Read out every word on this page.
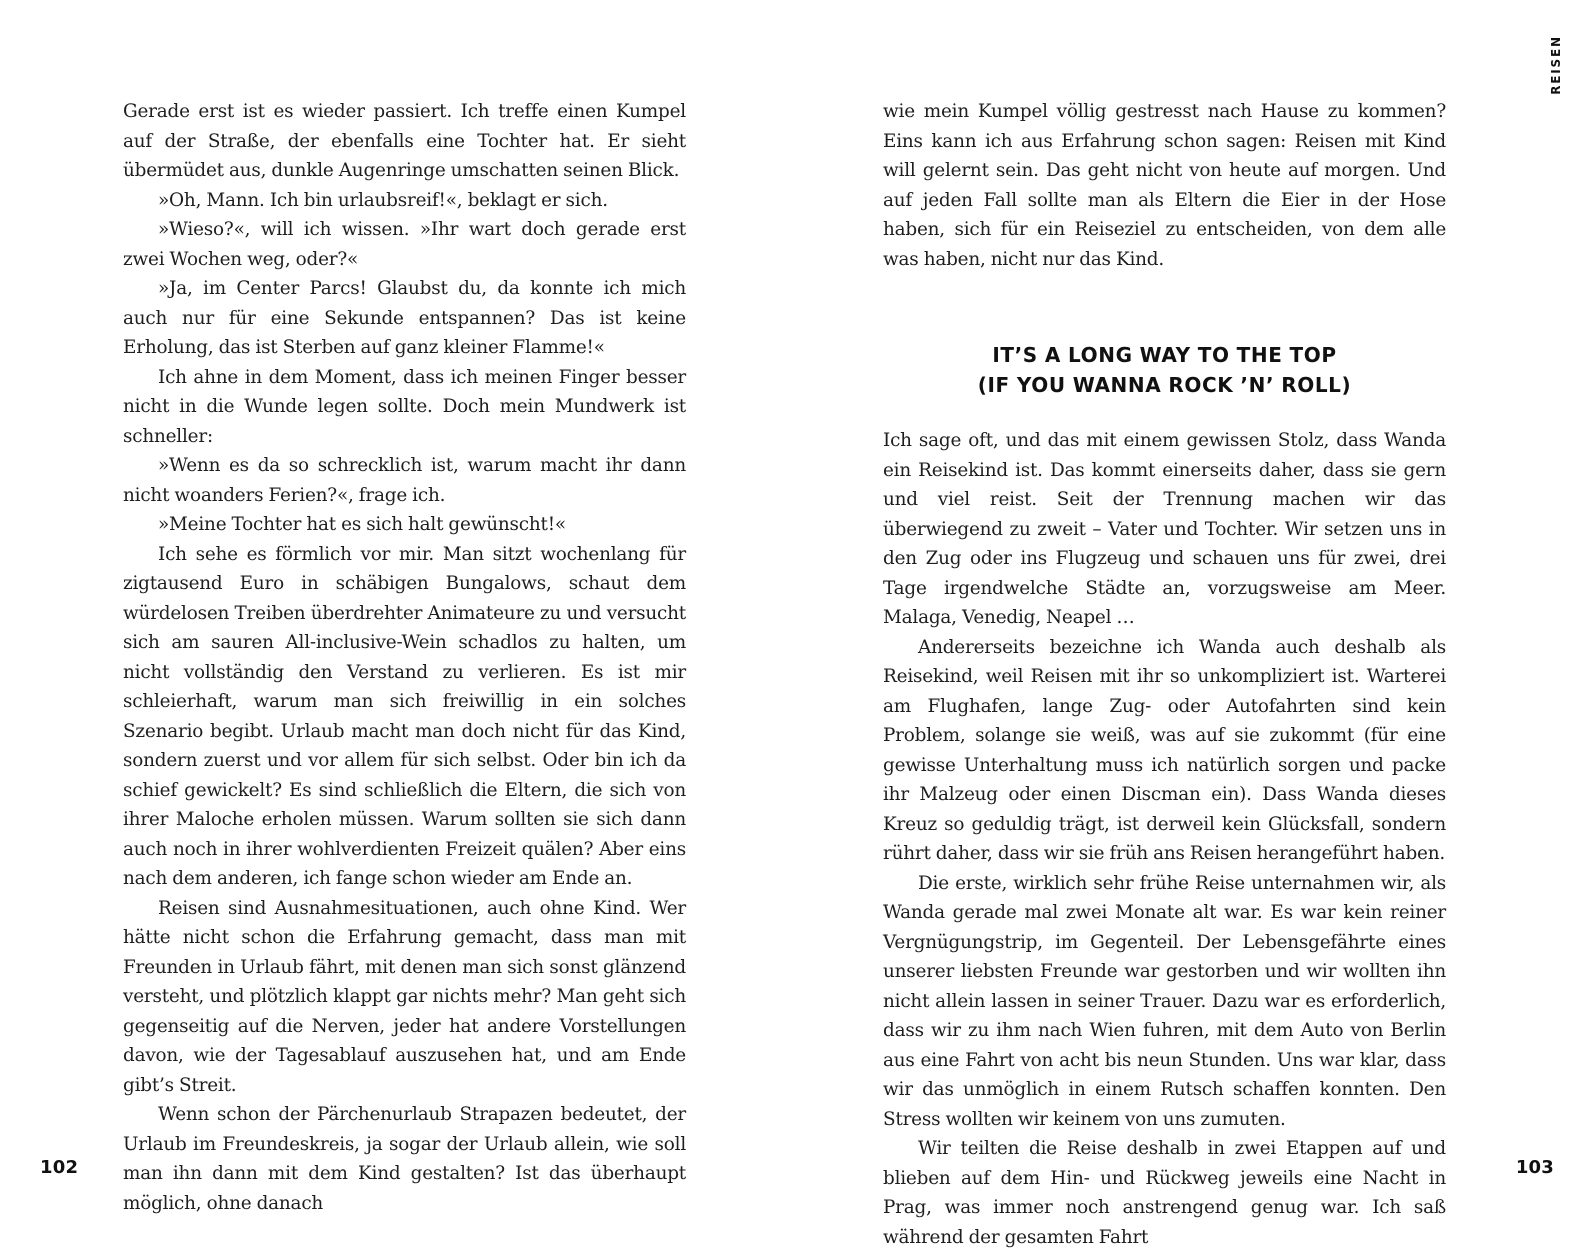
Gerade erst ist es wieder passiert. Ich treffe einen Kumpel auf der Straße, der ebenfalls eine Tochter hat. Er sieht übermüdet aus, dunkle Augenringe umschatten seinen Blick.

»Oh, Mann. Ich bin urlaubsreif!«, beklagt er sich.

»Wieso?«, will ich wissen. »Ihr wart doch gerade erst zwei Wochen weg, oder?«

»Ja, im Center Parcs! Glaubst du, da konnte ich mich auch nur für eine Sekunde entspannen? Das ist keine Erholung, das ist Sterben auf ganz kleiner Flamme!«

Ich ahne in dem Moment, dass ich meinen Finger besser nicht in die Wunde legen sollte. Doch mein Mundwerk ist schneller:

»Wenn es da so schrecklich ist, warum macht ihr dann nicht woanders Ferien?«, frage ich.

»Meine Tochter hat es sich halt gewünscht!«

Ich sehe es förmlich vor mir. Man sitzt wochenlang für zigtausend Euro in schäbigen Bungalows, schaut dem würdelosen Treiben überdrehter Animateure zu und versucht sich am sauren All-inclusive-Wein schadlos zu halten, um nicht vollständig den Verstand zu verlieren. Es ist mir schleierhaft, warum man sich freiwillig in ein solches Szenario begibt. Urlaub macht man doch nicht für das Kind, sondern zuerst und vor allem für sich selbst. Oder bin ich da schief gewickelt? Es sind schließlich die Eltern, die sich von ihrer Maloche erholen müssen. Warum sollten sie sich dann auch noch in ihrer wohlverdienten Freizeit quälen? Aber eins nach dem anderen, ich fange schon wieder am Ende an.

Reisen sind Ausnahmesituationen, auch ohne Kind. Wer hätte nicht schon die Erfahrung gemacht, dass man mit Freunden in Urlaub fährt, mit denen man sich sonst glänzend versteht, und plötzlich klappt gar nichts mehr? Man geht sich gegenseitig auf die Nerven, jeder hat andere Vorstellungen davon, wie der Tagesablauf auszusehen hat, und am Ende gibt’s Streit.

Wenn schon der Pärchenurlaub Strapazen bedeutet, der Urlaub im Freundeskreis, ja sogar der Urlaub allein, wie soll man ihn dann mit dem Kind gestalten? Ist das überhaupt möglich, ohne danach

102
REISEN

wie mein Kumpel völlig gestresst nach Hause zu kommen? Eins kann ich aus Erfahrung schon sagen: Reisen mit Kind will gelernt sein. Das geht nicht von heute auf morgen. Und auf jeden Fall sollte man als Eltern die Eier in der Hose haben, sich für ein Reiseziel zu entscheiden, von dem alle was haben, nicht nur das Kind.

IT’S A LONG WAY TO THE TOP
(IF YOU WANNA ROCK ’N’ ROLL)

Ich sage oft, und das mit einem gewissen Stolz, dass Wanda ein Reisekind ist. Das kommt einerseits daher, dass sie gern und viel reist. Seit der Trennung machen wir das überwiegend zu zweit – Vater und Tochter. Wir setzen uns in den Zug oder ins Flugzeug und schauen uns für zwei, drei Tage irgendwelche Städte an, vorzugsweise am Meer. Malaga, Venedig, Neapel …

Andererseits bezeichne ich Wanda auch deshalb als Reisekind, weil Reisen mit ihr so unkompliziert ist. Warterei am Flughafen, lange Zug- oder Autofahrten sind kein Problem, solange sie weiß, was auf sie zukommt (für eine gewisse Unterhaltung muss ich natürlich sorgen und packe ihr Malzeug oder einen Discman ein). Dass Wanda dieses Kreuz so geduldig trägt, ist derweil kein Glücksfall, sondern rührt daher, dass wir sie früh ans Reisen herangeführt haben.

Die erste, wirklich sehr frühe Reise unternahmen wir, als Wanda gerade mal zwei Monate alt war. Es war kein reiner Vergnügungstrip, im Gegenteil. Der Lebensgefährte eines unserer liebsten Freunde war gestorben und wir wollten ihn nicht allein lassen in seiner Trauer. Dazu war es erforderlich, dass wir zu ihm nach Wien fuhren, mit dem Auto von Berlin aus eine Fahrt von acht bis neun Stunden. Uns war klar, dass wir das unmöglich in einem Rutsch schaffen konnten. Den Stress wollten wir keinem von uns zumuten.

Wir teilten die Reise deshalb in zwei Etappen auf und blieben auf dem Hin- und Rückweg jeweils eine Nacht in Prag, was immer noch anstrengend genug war. Ich saß während der gesamten Fahrt

103
